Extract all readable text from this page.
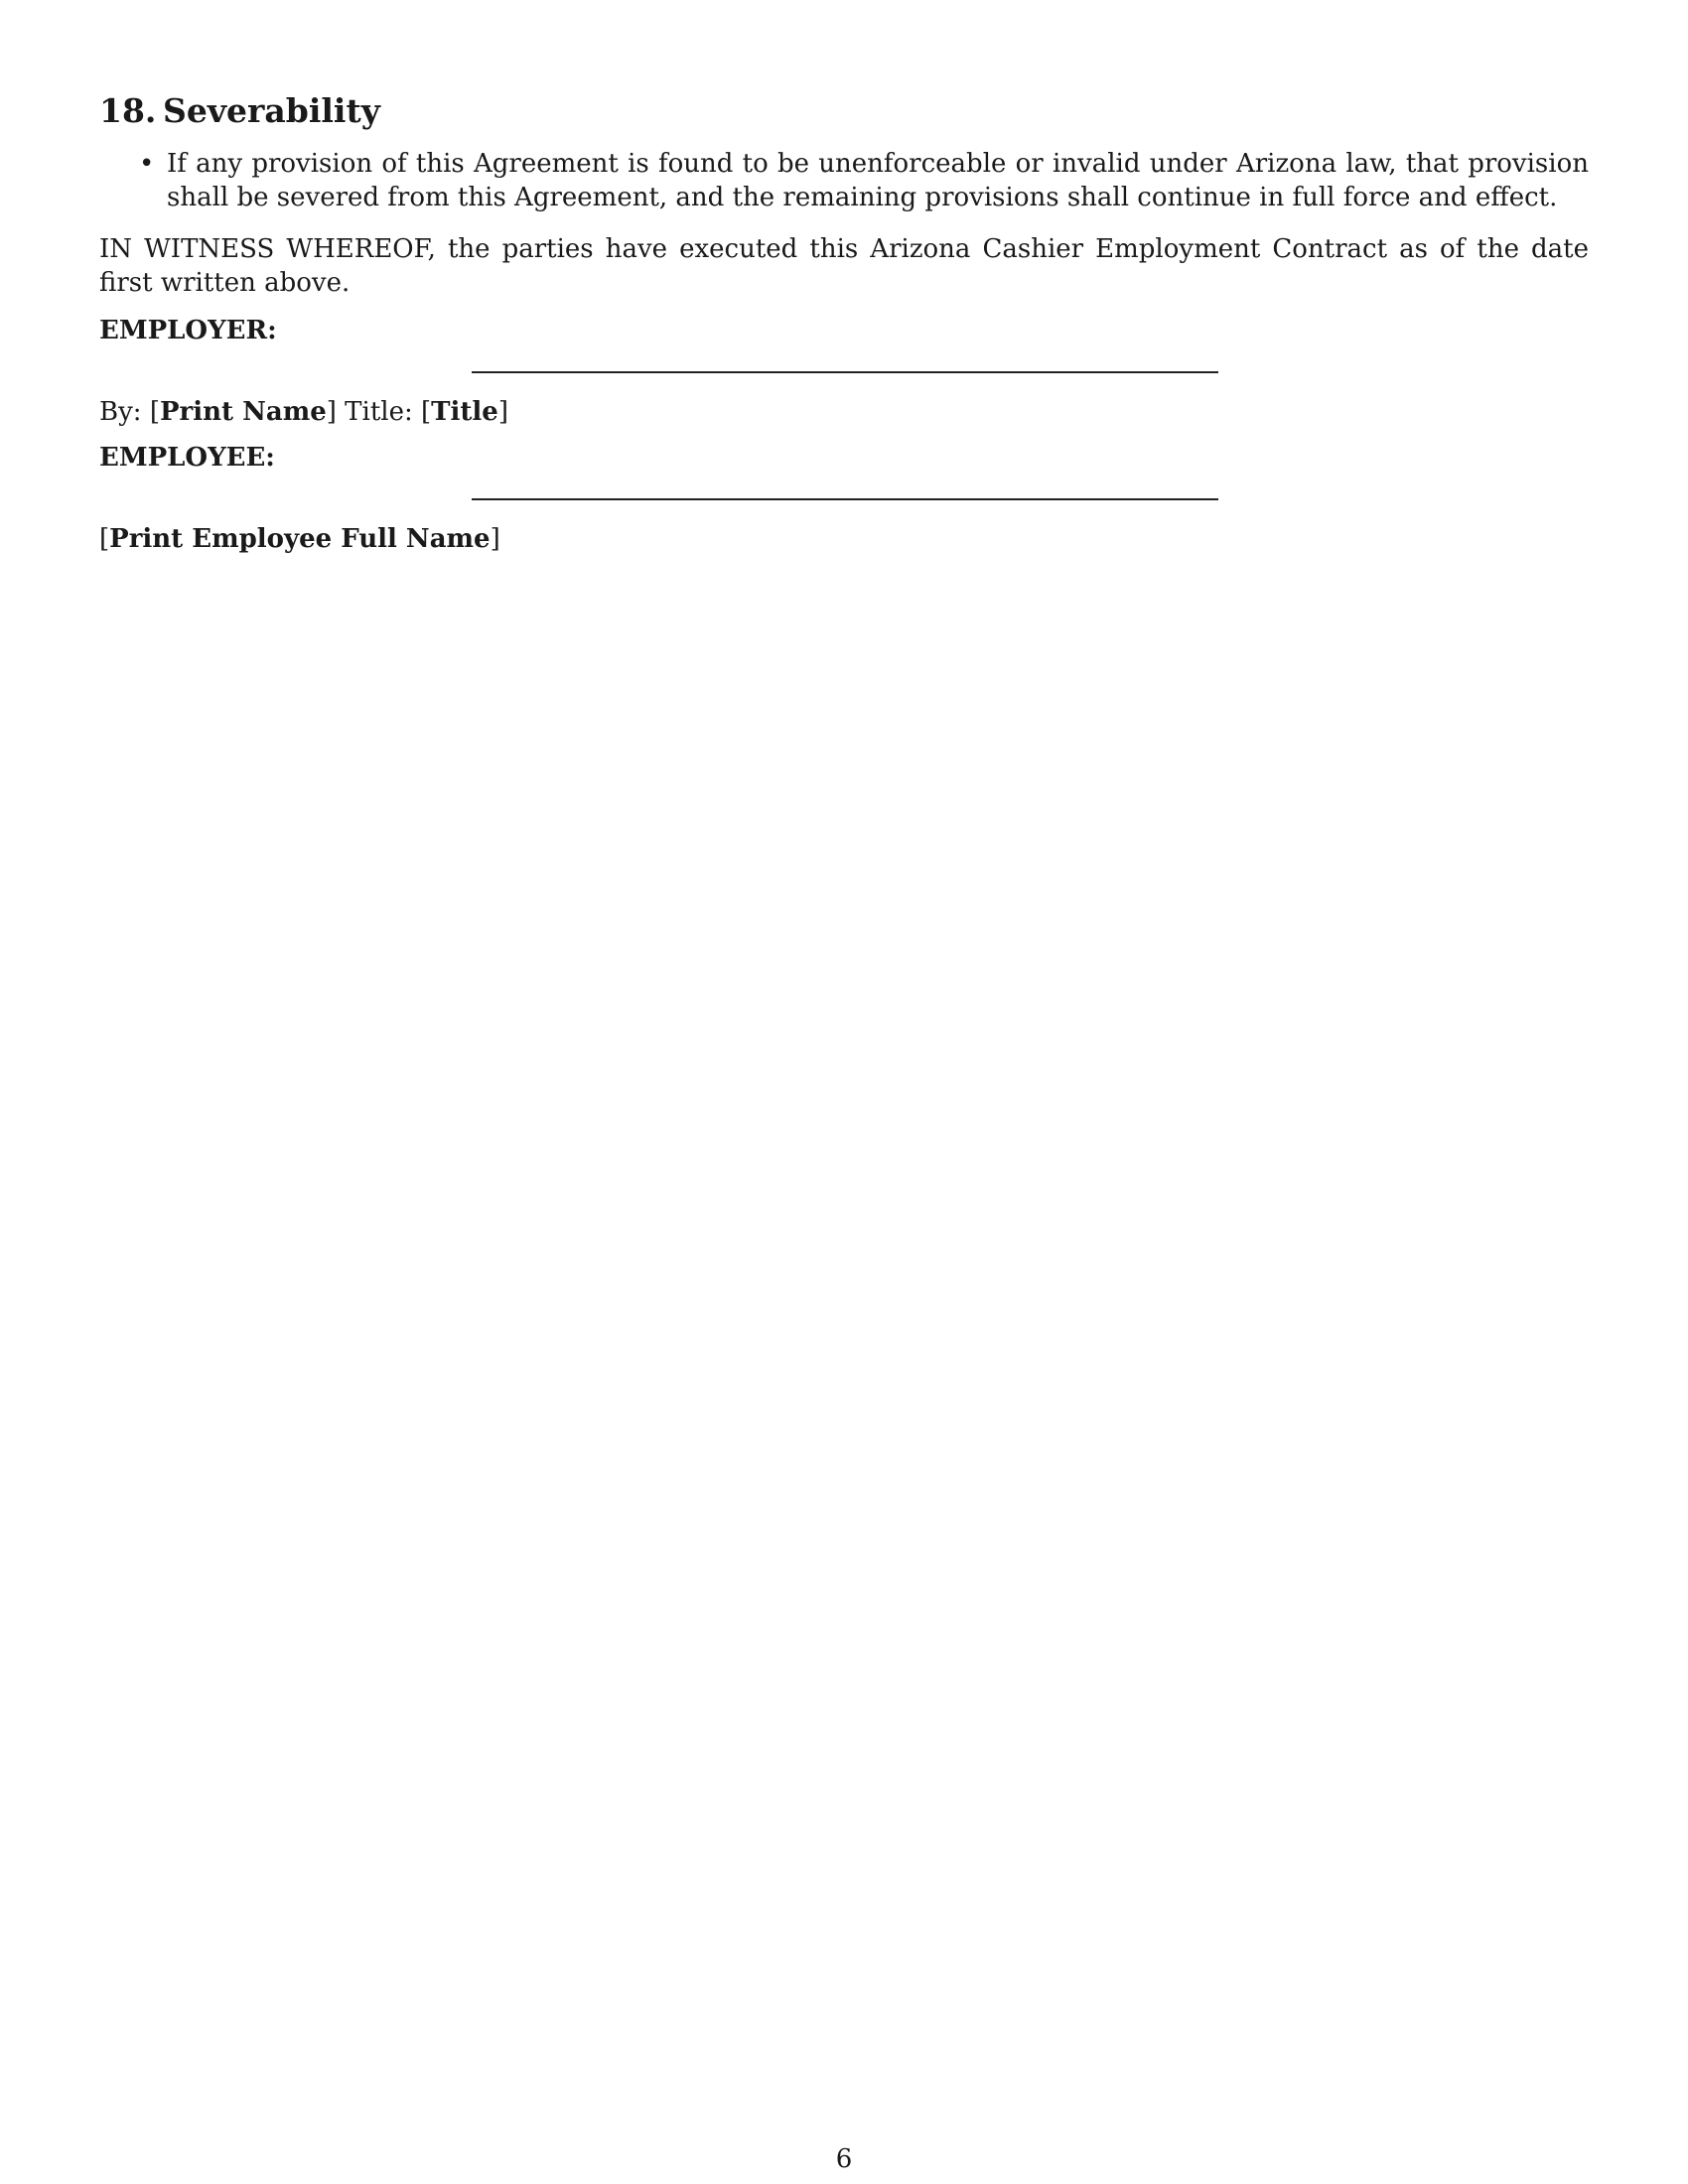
18. Severability
• If any provision of this Agreement is found to be unenforceable or invalid under Arizona law, that provision shall be severed from this Agreement, and the remaining provisions shall continue in full force and effect.

IN WITNESS WHEREOF, the parties have executed this Arizona Cashier Employment Contract as of the date first written above.

EMPLOYER:

By: [Print Name] Title: [Title]

EMPLOYEE:

[Print Employee Full Name]

6
